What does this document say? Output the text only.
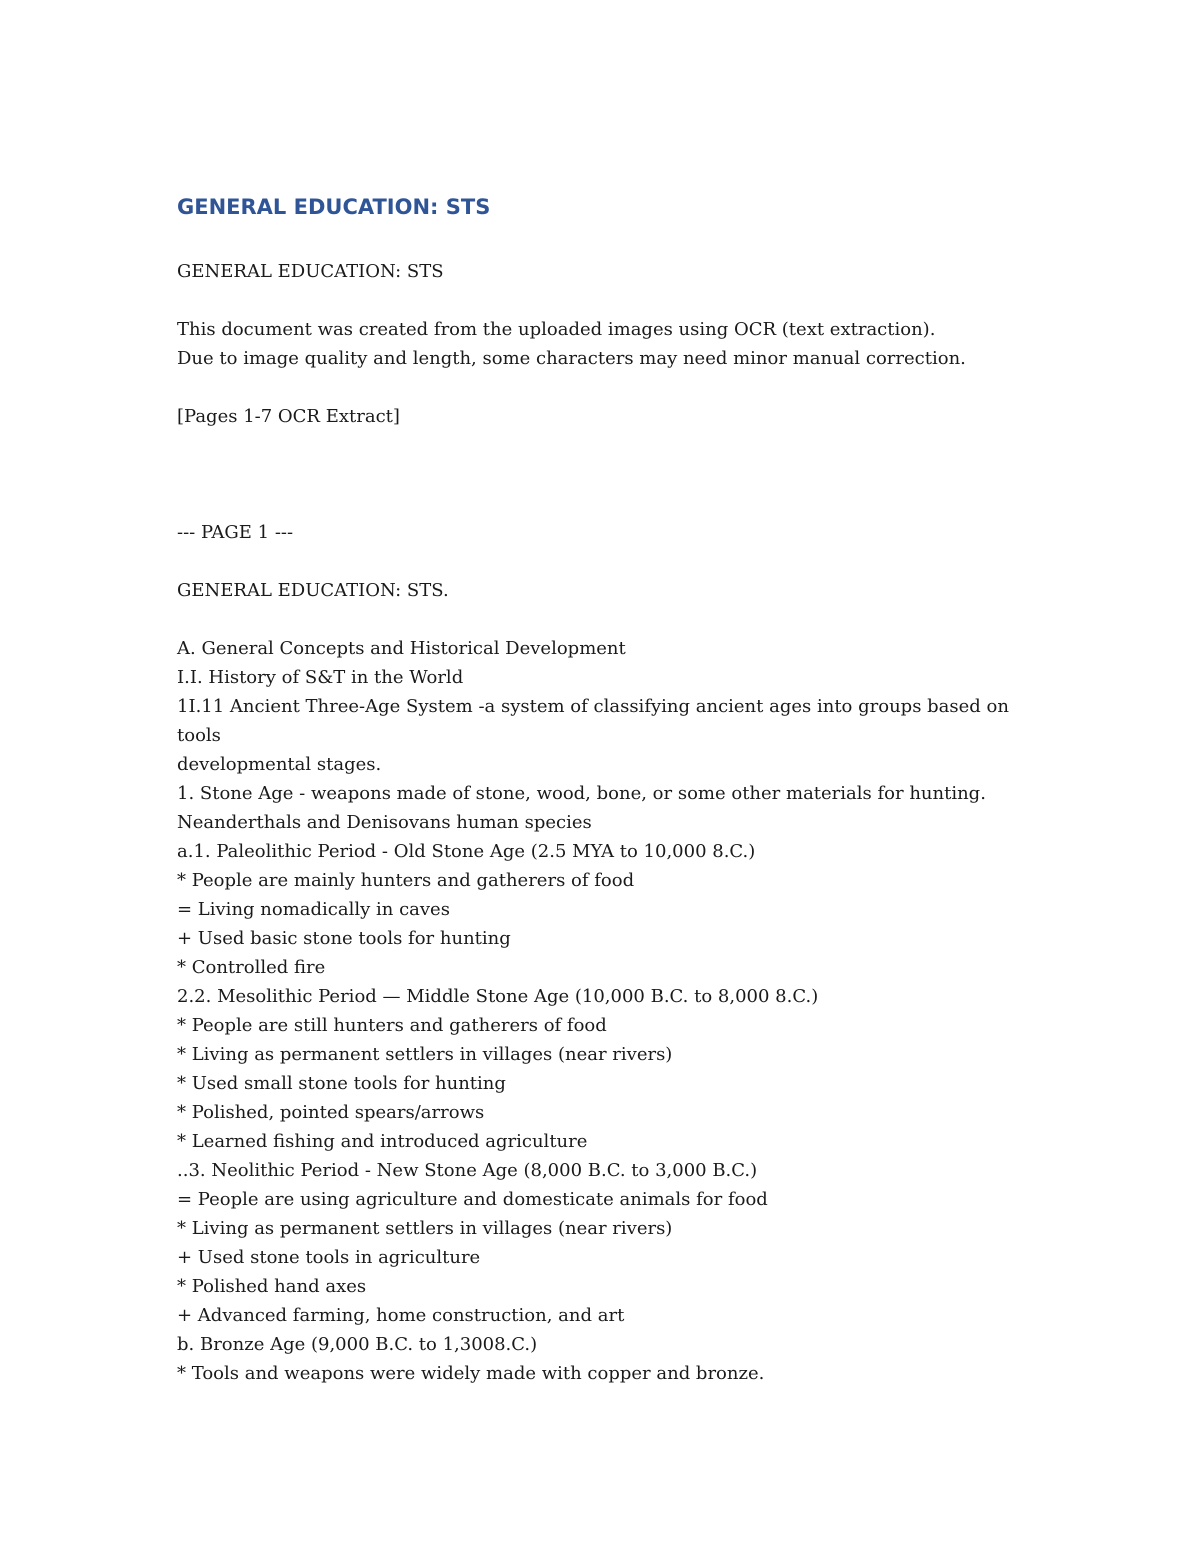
GENERAL EDUCATION: STS

GENERAL EDUCATION: STS

This document was created from the uploaded images using OCR (text extraction).

Due to image quality and length, some characters may need minor manual correction.

[Pages 1-7 OCR Extract]

--- PAGE 1 ---

GENERAL EDUCATION: STS.

A. General Concepts and Historical Development

I.I. History of S&T in the World

1I.11 Ancient Three-Age System -a system of classifying ancient ages into groups based on

tools

developmental stages.

1. Stone Age - weapons made of stone, wood, bone, or some other materials for hunting.

Neanderthals and Denisovans human species

a.1. Paleolithic Period - Old Stone Age (2.5 MYA to 10,000 8.C.)

* People are mainly hunters and gatherers of food

= Living nomadically in caves

+ Used basic stone tools for hunting

* Controlled fire

2.2. Mesolithic Period — Middle Stone Age (10,000 B.C. to 8,000 8.C.)

* People are still hunters and gatherers of food

* Living as permanent settlers in villages (near rivers)

* Used small stone tools for hunting

* Polished, pointed spears/arrows

* Learned fishing and introduced agriculture

..3. Neolithic Period - New Stone Age (8,000 B.C. to 3,000 B.C.)

= People are using agriculture and domesticate animals for food

* Living as permanent settlers in villages (near rivers)

+ Used stone tools in agriculture

* Polished hand axes

+ Advanced farming, home construction, and art

b. Bronze Age (9,000 B.C. to 1,3008.C.)

* Tools and weapons were widely made with copper and bronze.
